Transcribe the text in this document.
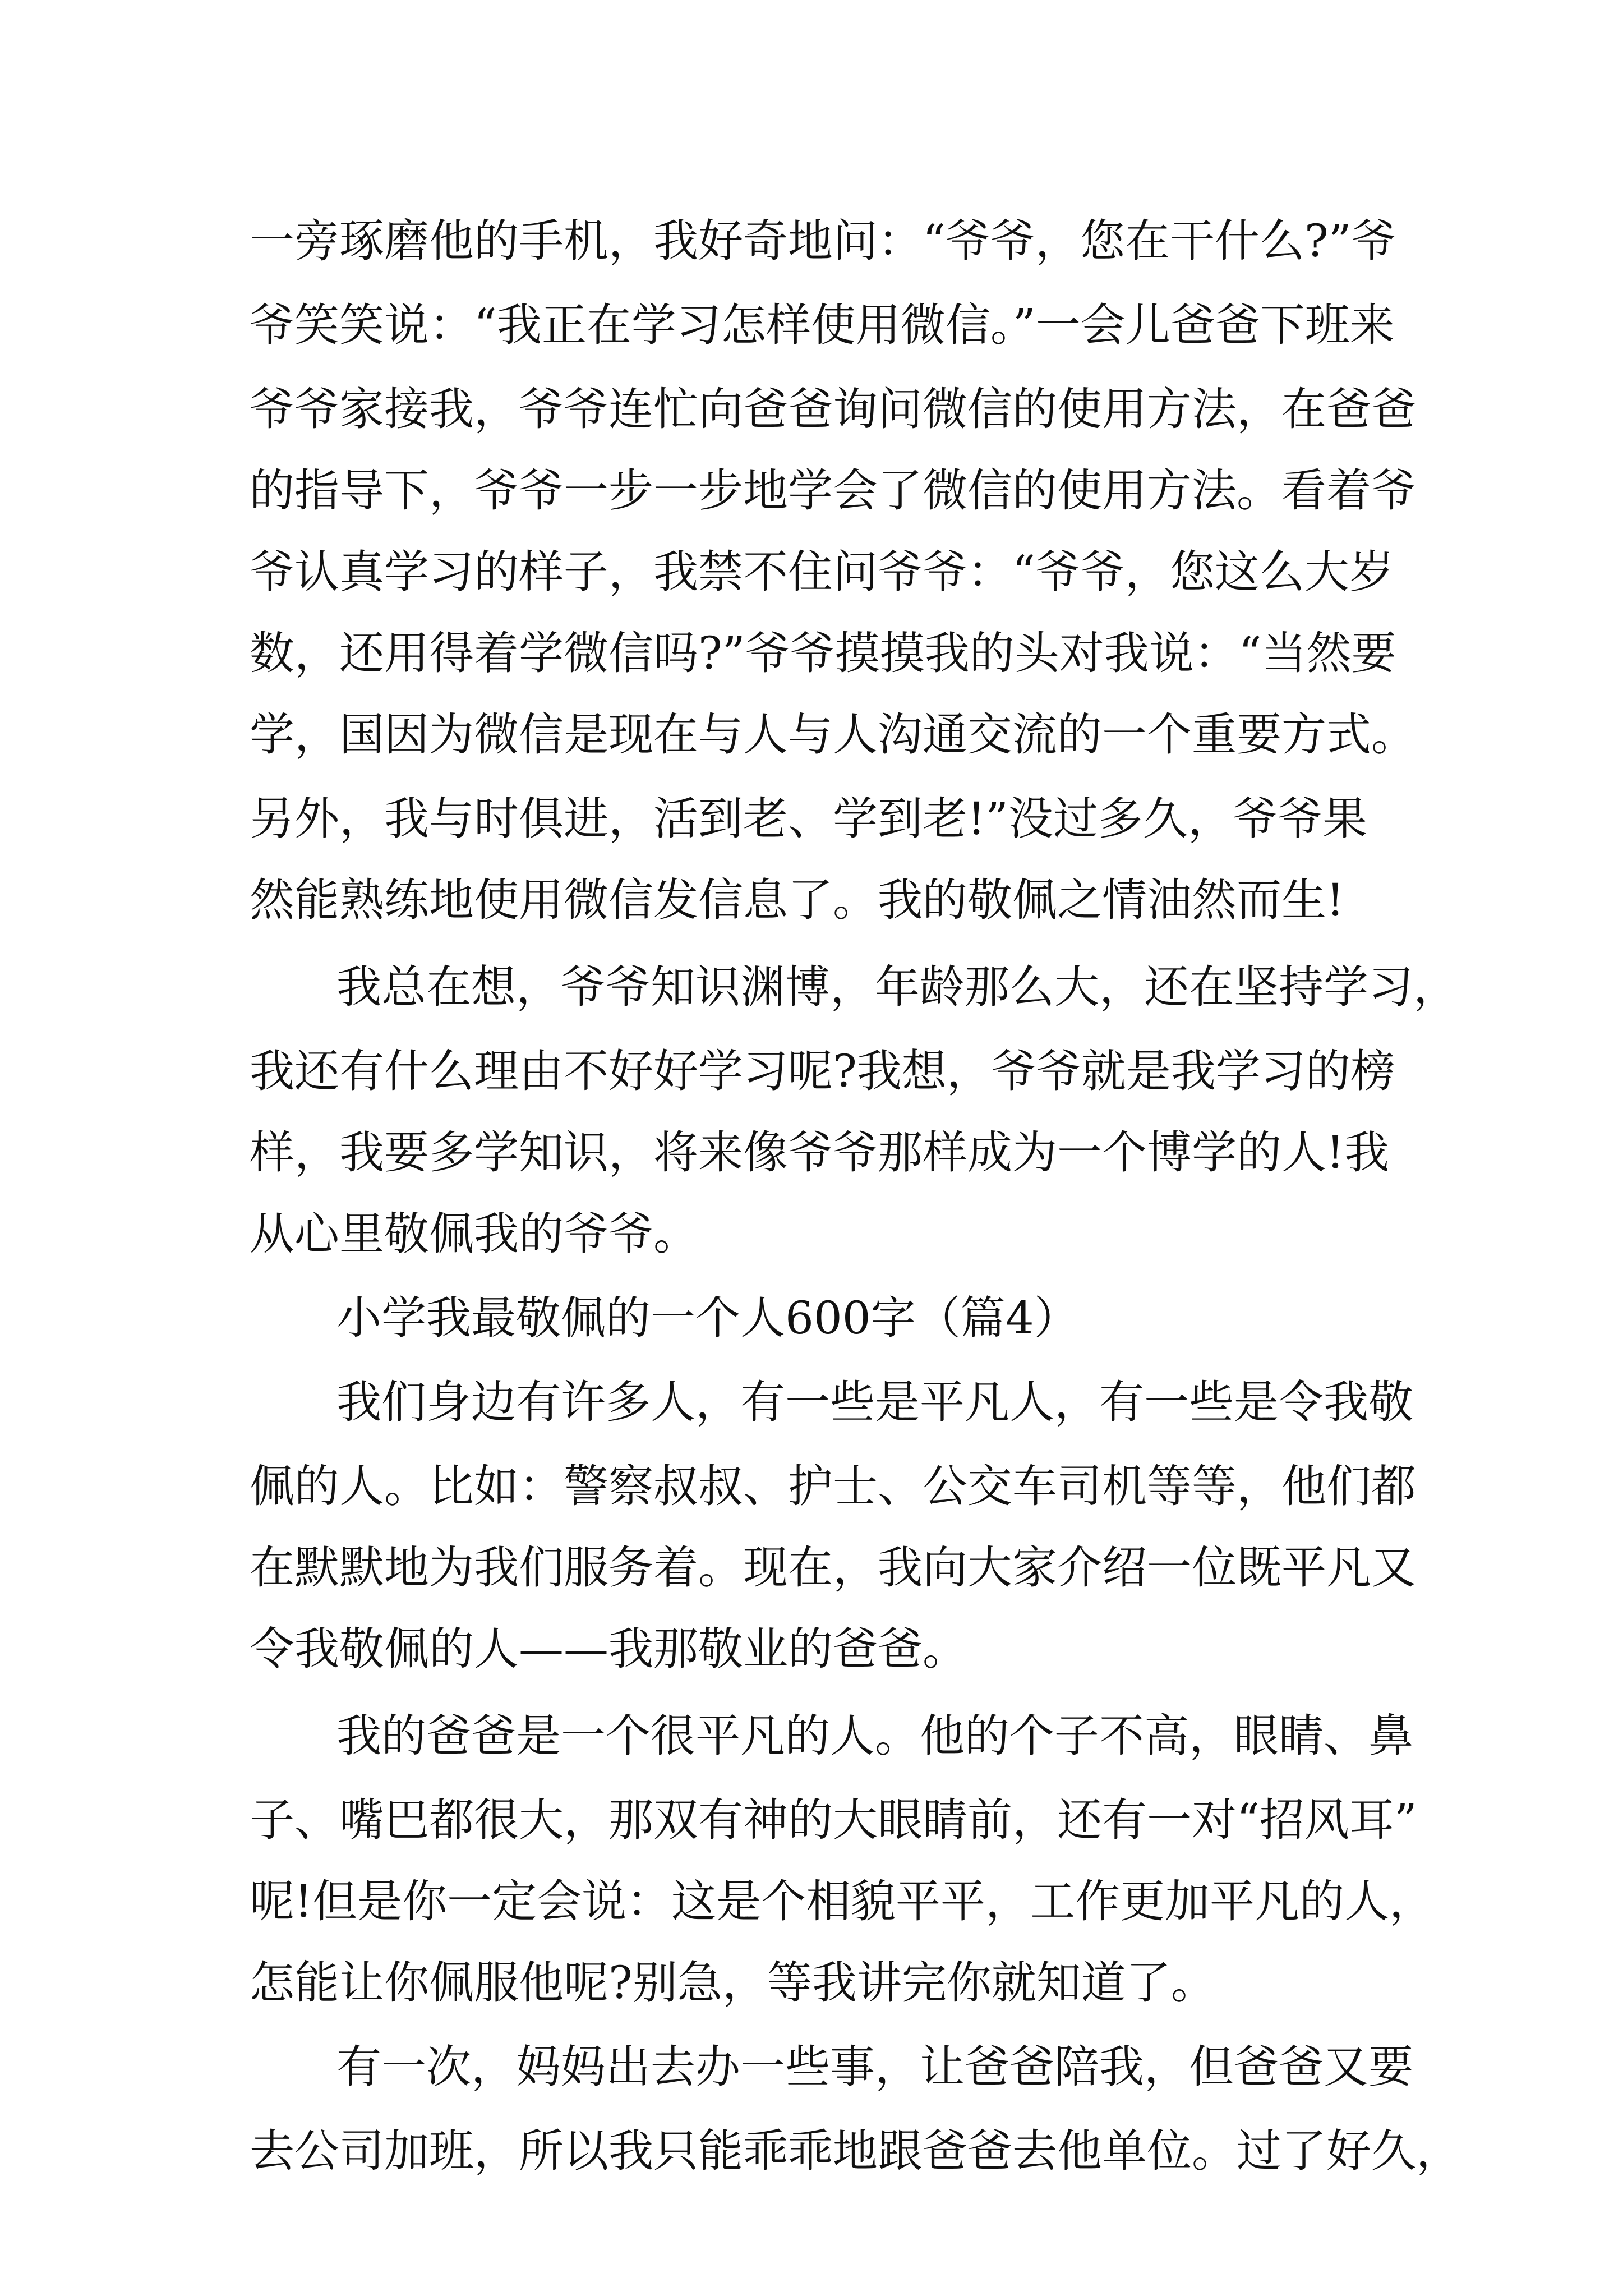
一旁琢磨他的手机，我好奇地问：“爷爷，您在干什么?”爷
爷笑笑说：“我正在学习怎样使用微信。”一会儿爸爸下班来
爷爷家接我，爷爷连忙向爸爸询问微信的使用方法，在爸爸
的指导下，爷爷一步一步地学会了微信的使用方法。看着爷
爷认真学习的样子，我禁不住问爷爷：“爷爷，您这么大岁
数，还用得着学微信吗?”爷爷摸摸我的头对我说：“当然要
学，国因为微信是现在与人与人沟通交流的一个重要方式。
另外，我与时俱进，活到老、学到老!”没过多久，爷爷果
然能熟练地使用微信发信息了。我的敬佩之情油然而生!
我总在想，爷爷知识渊博，年龄那么大，还在坚持学习，
我还有什么理由不好好学习呢?我想，爷爷就是我学习的榜
样，我要多学知识，将来像爷爷那样成为一个博学的人!我
从心里敬佩我的爷爷。
小学我最敬佩的一个人600字（篇4）
我们身边有许多人，有一些是平凡人，有一些是令我敬
佩的人。比如：警察叔叔、护士、公交车司机等等，他们都
在默默地为我们服务着。现在，我向大家介绍一位既平凡又
令我敬佩的人——我那敬业的爸爸。
我的爸爸是一个很平凡的人。他的个子不高，眼睛、鼻
子、嘴巴都很大，那双有神的大眼睛前，还有一对“招风耳”
呢!但是你一定会说：这是个相貌平平，工作更加平凡的人，
怎能让你佩服他呢?别急，等我讲完你就知道了。
有一次，妈妈出去办一些事，让爸爸陪我，但爸爸又要
去公司加班，所以我只能乖乖地跟爸爸去他单位。过了好久，
